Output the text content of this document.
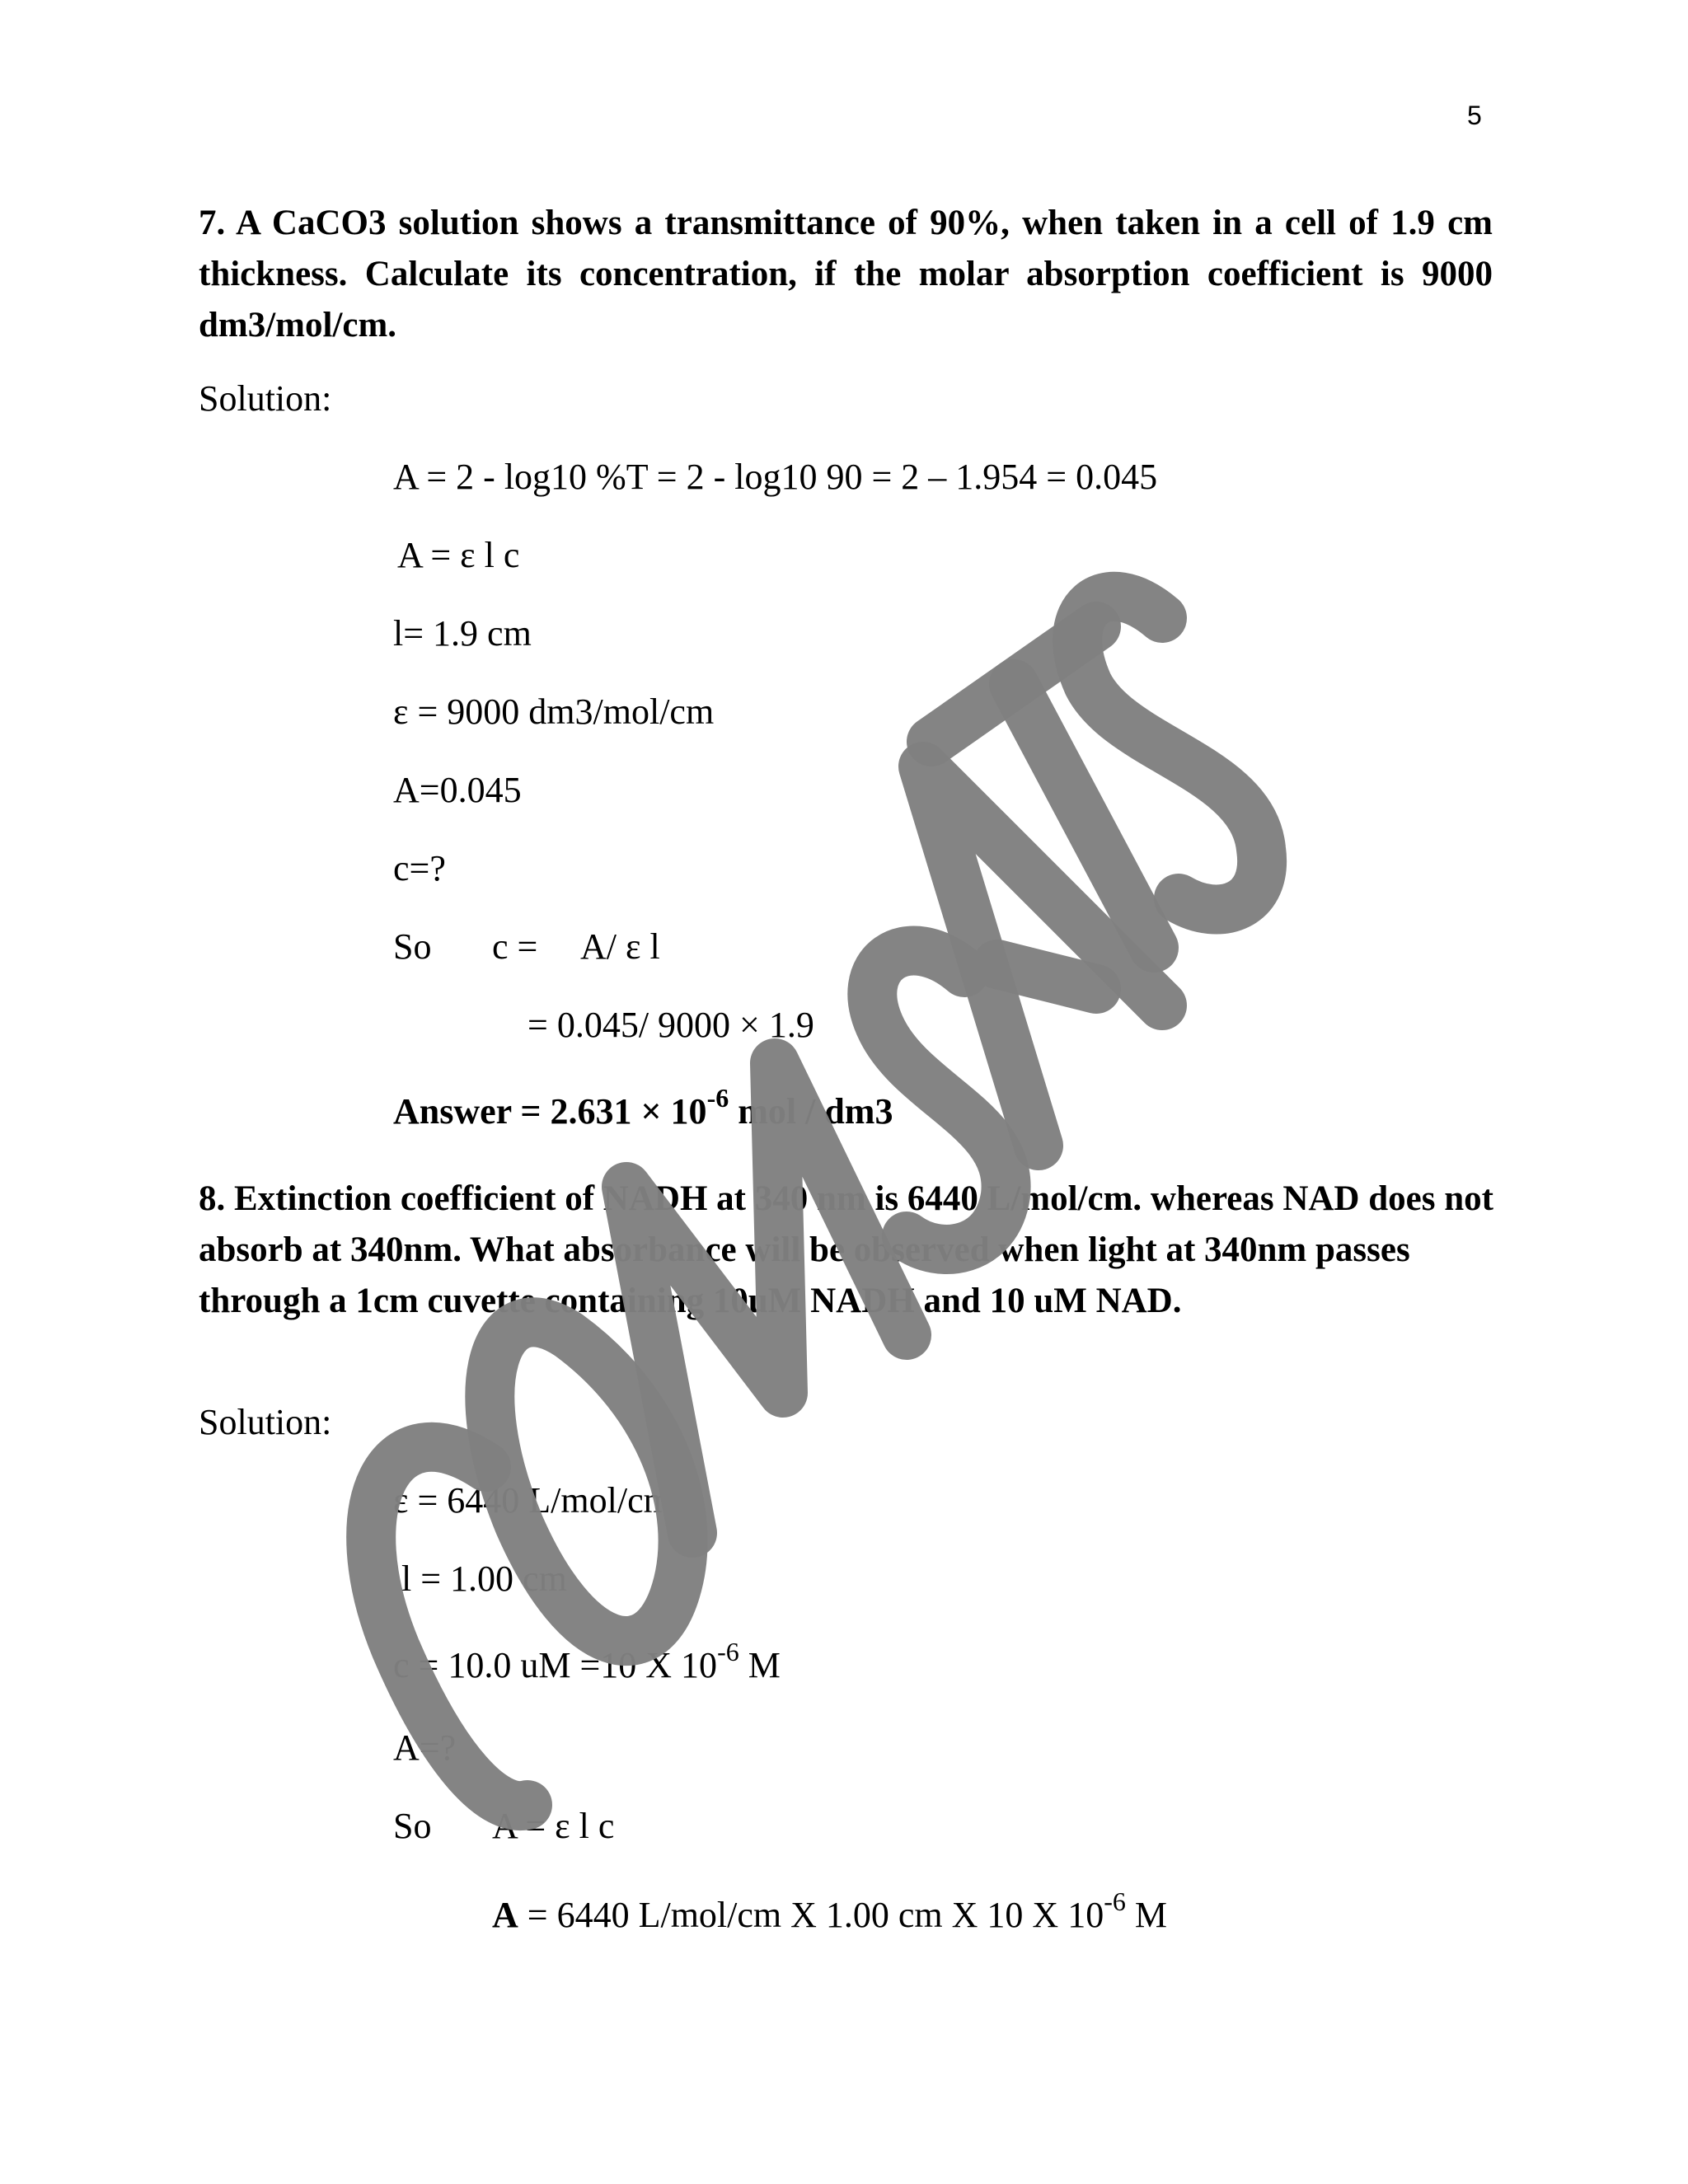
5
7. A CaCO3 solution shows a transmittance of 90%, when taken in a cell of 1.9 cm thickness. Calculate its concentration, if the molar absorption coefficient is 9000 dm3/mol/cm.
Solution:
A = 2 - log10 %T = 2 - log10 90 = 2 – 1.954 = 0.045
A = ε l c
l= 1.9 cm
ε = 9000 dm3/mol/cm
A=0.045
c=?
So c = A/ ε l
= 0.045/ 9000 × 1.9
Answer = $2.631 \times 10^{-6}$ mol / dm3
8. Extinction coefficient of NADH at 340 nm is 6440 L/mol/cm. whereas NAD does not absorb at 340nm. What absorbance will be observed when light at 340nm passes through a 1cm cuvette containing 10uM NADH and 10 uM NAD.
Solution:
ε = 6440 L/mol/cm.
l = 1.00 cm
c = 10.0 uM =10 X $10^{-6}$ M
A=?
So A = ε l c
A = 6440 L/mol/cm X 1.00 cm X 10 X $10^{-6}$ M
